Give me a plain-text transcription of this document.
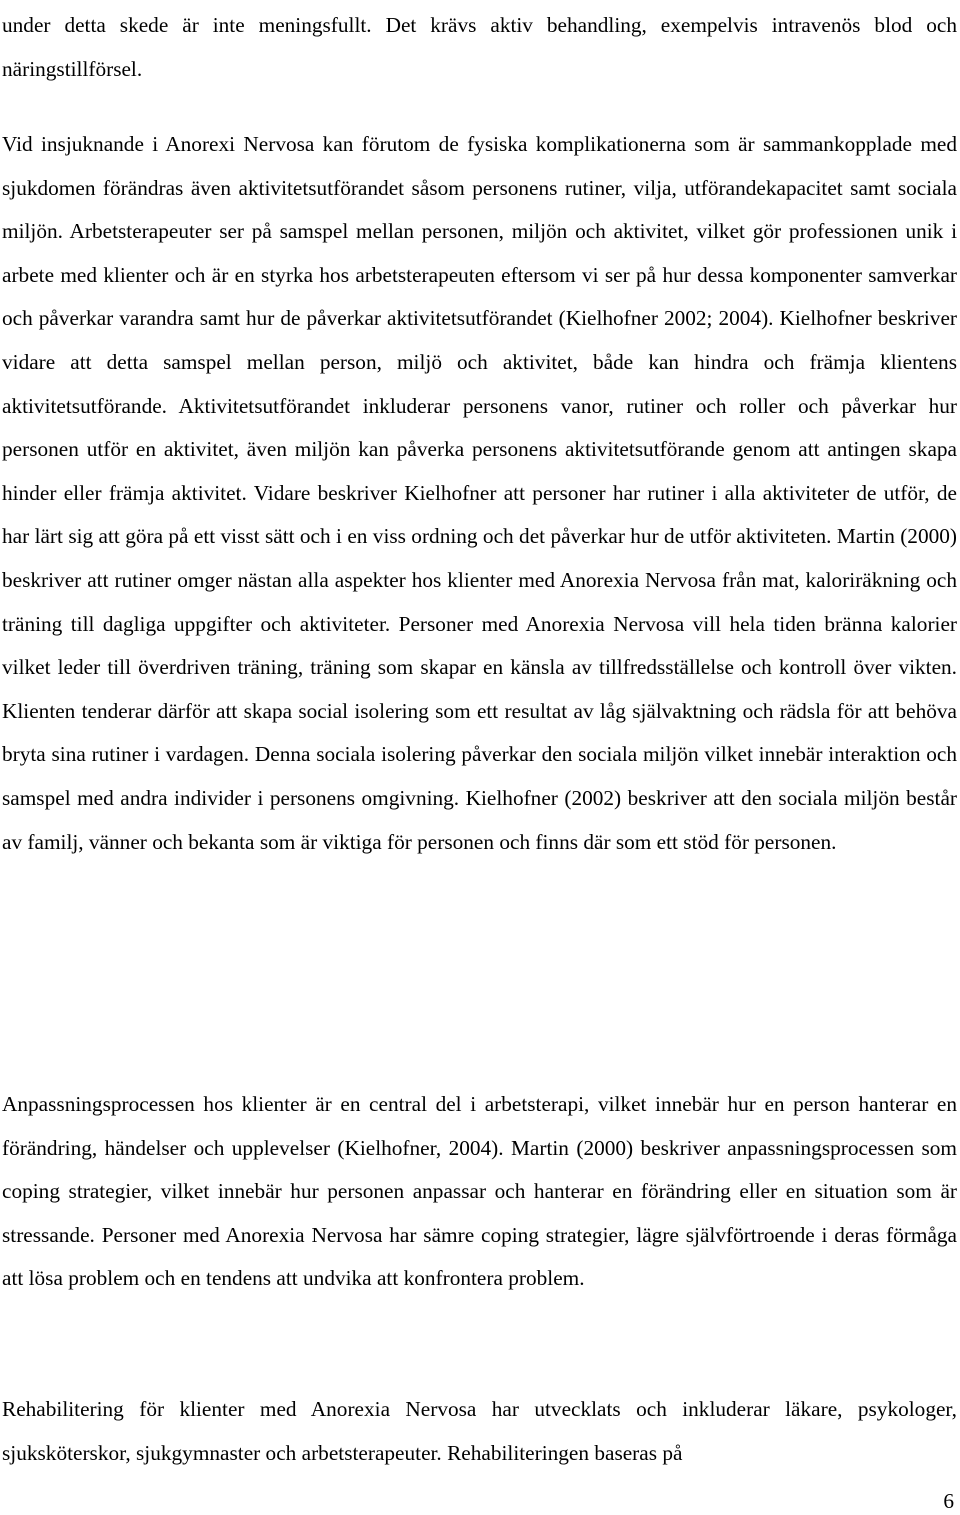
under detta skede är inte meningsfullt. Det krävs aktiv behandling, exempelvis intravenös blod och näringstillförsel.

Vid insjuknande i Anorexi Nervosa kan förutom de fysiska komplikationerna som är sammankopplade med sjukdomen förändras även aktivitetsutförandet såsom personens rutiner, vilja, utförandekapacitet samt sociala miljön. Arbetsterapeuter ser på samspel mellan personen, miljön och aktivitet, vilket gör professionen unik i arbete med klienter och är en styrka hos arbetsterapeuten eftersom vi ser på hur dessa komponenter samverkar och påverkar varandra samt hur de påverkar aktivitetsutförandet (Kielhofner 2002; 2004). Kielhofner beskriver vidare att detta samspel mellan person, miljö och aktivitet, både kan hindra och främja klientens aktivitetsutförande. Aktivitetsutförandet inkluderar personens vanor, rutiner och roller och påverkar hur personen utför en aktivitet, även miljön kan påverka personens aktivitetsutförande genom att antingen skapa hinder eller främja aktivitet. Vidare beskriver Kielhofner att personer har rutiner i alla aktiviteter de utför, de har lärt sig att göra på ett visst sätt och i en viss ordning och det påverkar hur de utför aktiviteten. Martin (2000) beskriver att rutiner omger nästan alla aspekter hos klienter med Anorexia Nervosa från mat, kaloriräkning och träning till dagliga uppgifter och aktiviteter. Personer med Anorexia Nervosa vill hela tiden bränna kalorier vilket leder till överdriven träning, träning som skapar en känsla av tillfredsställelse och kontroll över vikten. Klienten tenderar därför att skapa social isolering som ett resultat av låg självaktning och rädsla för att behöva bryta sina rutiner i vardagen. Denna sociala isolering påverkar den sociala miljön vilket innebär interaktion och samspel med andra individer i personens omgivning. Kielhofner (2002) beskriver att den sociala miljön består av familj, vänner och bekanta som är viktiga för personen och finns där som ett stöd för personen.

Anpassningsprocessen hos klienter är en central del i arbetsterapi, vilket innebär hur en person hanterar en förändring, händelser och upplevelser (Kielhofner, 2004). Martin (2000) beskriver anpassningsprocessen som coping strategier, vilket innebär hur personen anpassar och hanterar en förändring eller en situation som är stressande. Personer med Anorexia Nervosa har sämre coping strategier, lägre självförtroende i deras förmåga att lösa problem och en tendens att undvika att konfrontera problem.

Rehabilitering för klienter med Anorexia Nervosa har utvecklats och inkluderar läkare, psykologer, sjuksköterskor, sjukgymnaster och arbetsterapeuter. Rehabiliteringen baseras på

6
